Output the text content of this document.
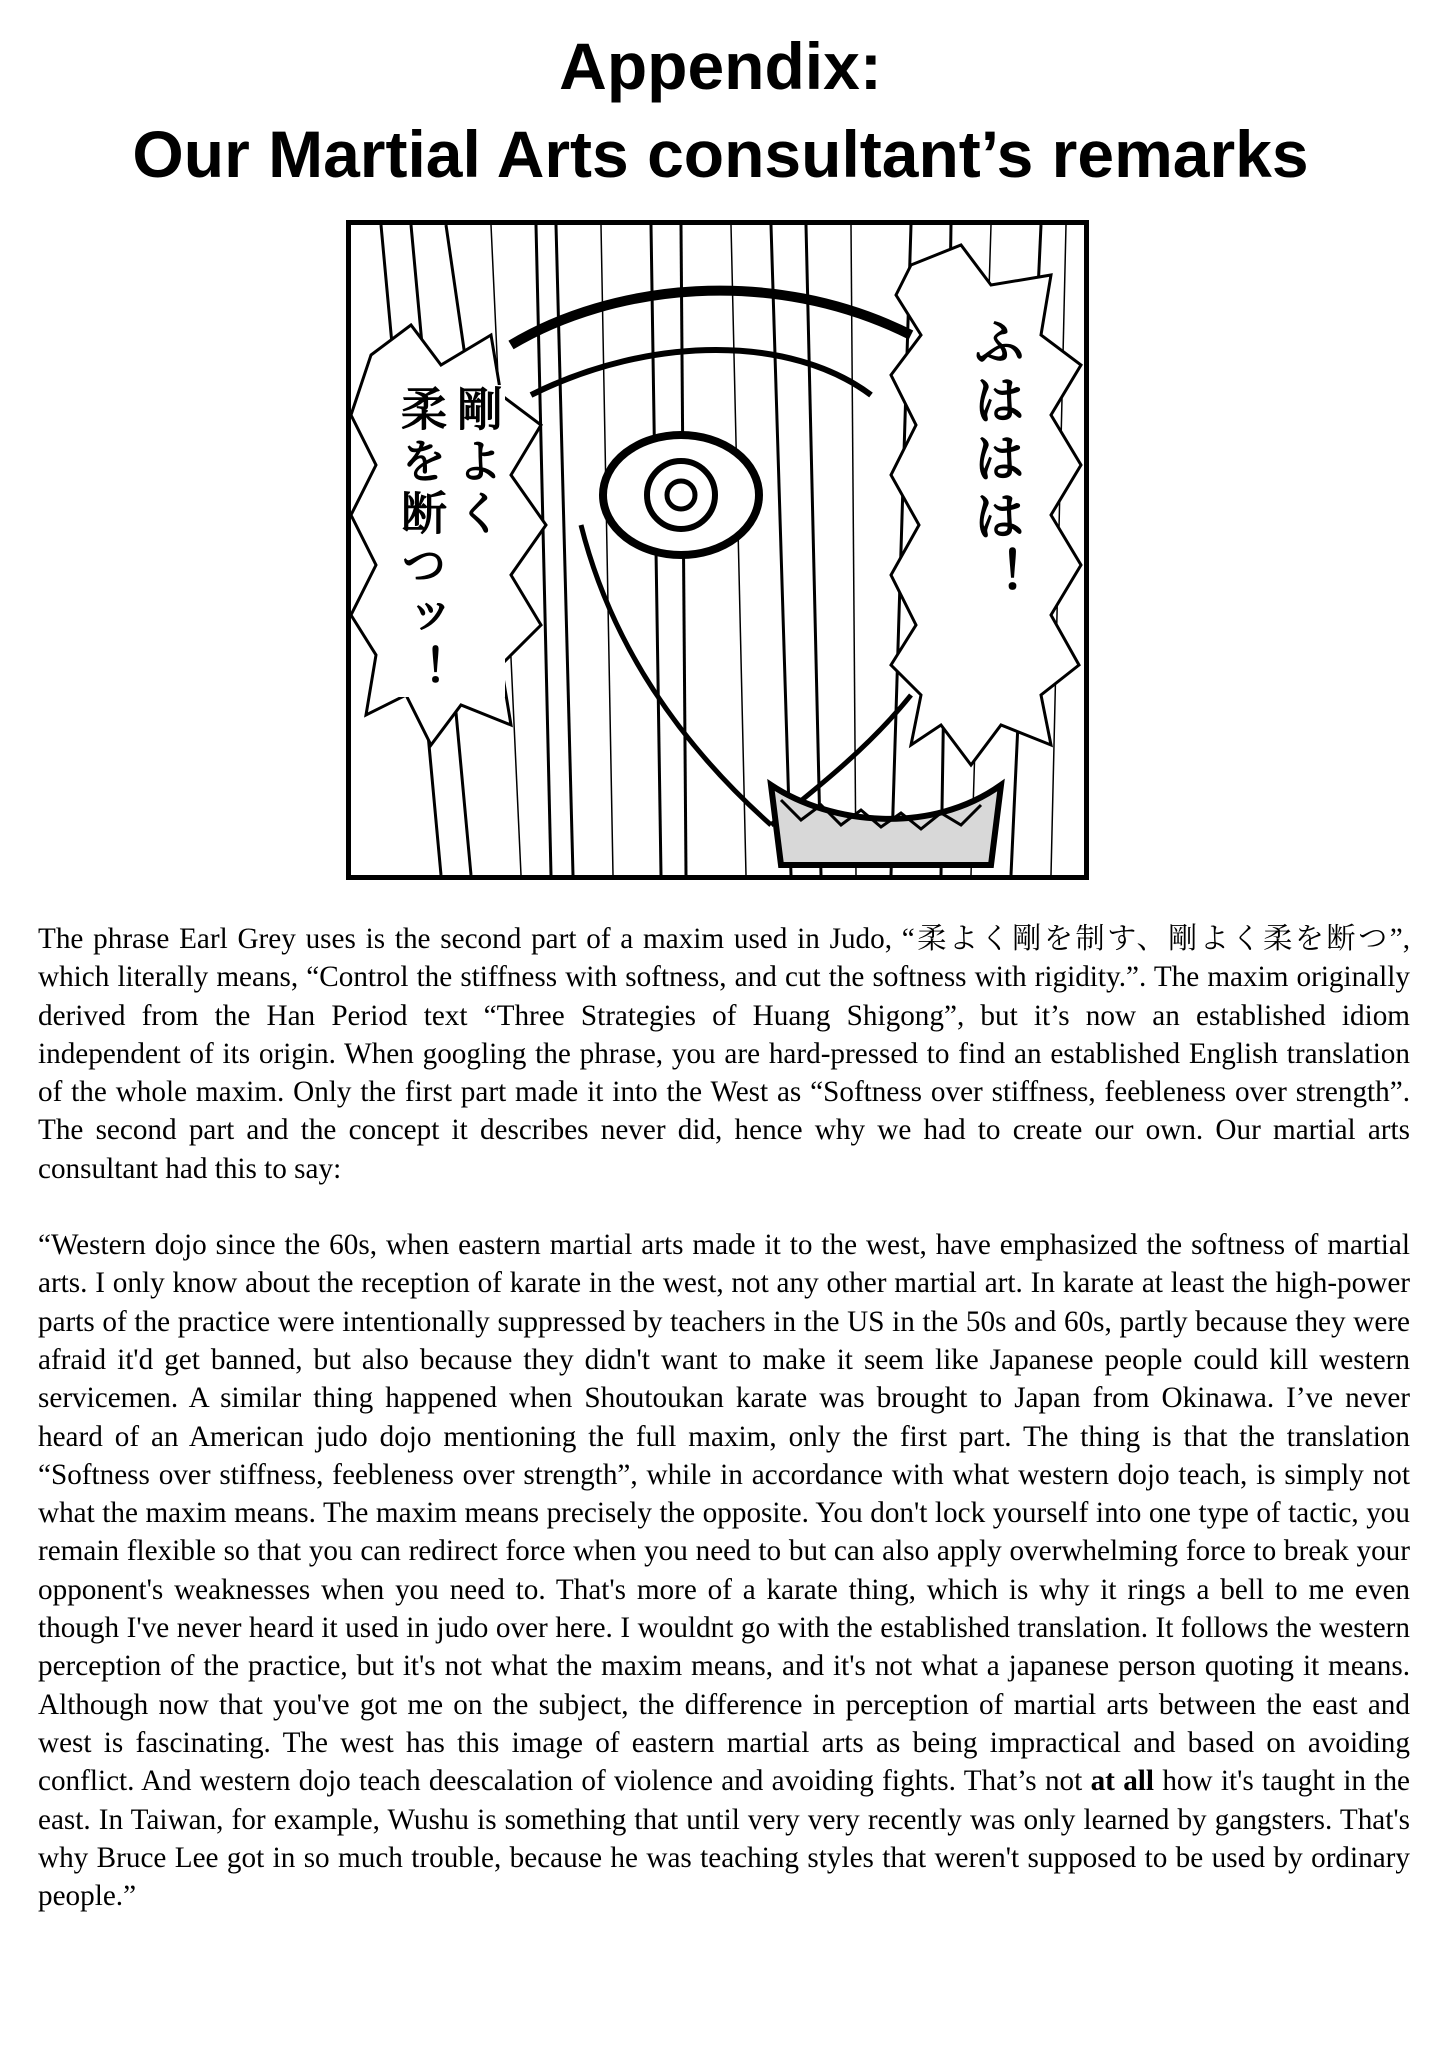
Appendix:
Our Martial Arts consultant’s remarks
ふははは！
剛よく
柔を断つッ！

The phrase Earl Grey uses is the second part of a maxim used in Judo, “柔よく剛を制す、剛よく柔を断つ”, which literally means, “Control the stiffness with softness, and cut the softness with rigidity.”. The maxim originally derived from the Han Period text “Three Strategies of Huang Shigong”, but it’s now an established idiom independent of its origin. When googling the phrase, you are hard-pressed to find an established English translation of the whole maxim. Only the first part made it into the West as “Softness over stiffness, feebleness over strength”. The second part and the concept it describes never did, hence why we had to create our own. Our martial arts consultant had this to say:

“Western dojo since the 60s, when eastern martial arts made it to the west, have emphasized the softness of martial arts. I only know about the reception of karate in the west, not any other martial art. In karate at least the high-power parts of the practice were intentionally suppressed by teachers in the US in the 50s and 60s, partly because they were afraid it'd get banned, but also because they didn't want to make it seem like Japanese people could kill western servicemen. A similar thing happened when Shoutoukan karate was brought to Japan from Okinawa. I’ve never heard of an American judo dojo mentioning the full maxim, only the first part. The thing is that the translation “Softness over stiffness, feebleness over strength”, while in accordance with what western dojo teach, is simply not what the maxim means. The maxim means precisely the opposite. You don't lock yourself into one type of tactic, you remain flexible so that you can redirect force when you need to but can also apply overwhelming force to break your opponent's weaknesses when you need to. That's more of a karate thing, which is why it rings a bell to me even though I've never heard it used in judo over here. I wouldnt go with the established translation. It follows the western perception of the practice, but it's not what the maxim means, and it's not what a japanese person quoting it means. Although now that you've got me on the subject, the difference in perception of martial arts between the east and west is fascinating. The west has this image of eastern martial arts as being impractical and based on avoiding conflict. And western dojo teach deescalation of violence and avoiding fights. That’s not at all how it's taught in the east. In Taiwan, for example, Wushu is something that until very very recently was only learned by gangsters. That's why Bruce Lee got in so much trouble, because he was teaching styles that weren't supposed to be used by ordinary people.”
